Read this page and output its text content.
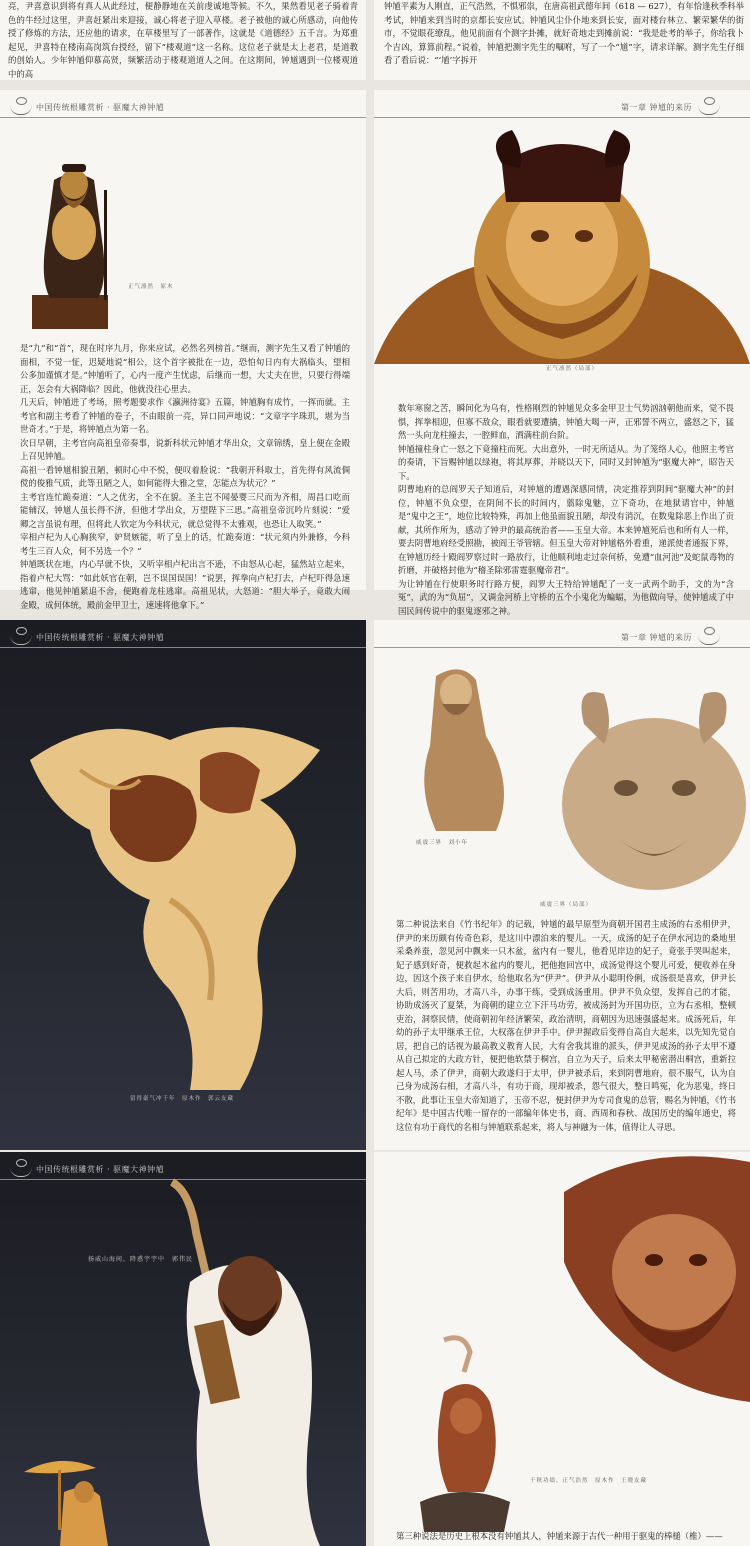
亮，尹喜意识到将有真人从此经过，便静静地在关前虔诚地等候。不久，果然看见老子骑着青色的牛经过这里，尹喜赶紧出来迎接，诚心将老子迎入草楼。老子被他的诚心所感动，向他传授了修炼的方法，还应他的请求，在草楼里写了一部著作，这就是《道德经》五千言。为郑重起见，尹喜特在楼南高岗筑台授经，留下“楼观道”这一名称。这位老子就是太上老君，是道教的创始人。少年钟馗仰慕高贤，频繁活动于楼观道道人之间。在这期间，钟馗遇到一位楼观道中的高
钟馗平素为人刚直，正气浩然，不惧邪祟，在唐高祖武德年间（618 — 627），有年恰逢秋季科举考试，钟馗来到当时的京都长安应试。钟馗风尘仆仆地来到长安，面对楼台林立、繁荣繁华的街市，不觉眼花缭乱，他见前面有个测字卦摊，就好奇地走到摊前说：“我是赴考的举子，你给我卜个吉凶，算算前程。”说着，钟馗把测字先生的嘱咐，写了一个“馗”字，请求详解。测字先生仔细看了看后说：“‘馗’字拆开
中国传统根雕赏析 · 驱魔大神钟馗
正气凛然　原木
是“九”和“首”，现在时序九月，你来应试，必然名列榜首。”继而，测字先生又看了钟馗的面相，不觉一怔，迟疑地说“相公，这个首字被批在一边，恐怕旬日内有大祸临头，望相公多加谨慎才是。”钟馗听了，心内一度产生忧虑，后继而一想，大丈夫在世，只要行得端正，怎会有大祸降临？因此，他就没往心里去。
几天后，钟馗进了考场，照考题要求作《瀛洲待宴》五篇，钟馗胸有成竹，一挥而就。主考官和副主考看了钟馗的卷子，不由眼前一亮，异口同声地说：“文章字字珠玑，堪为当世奇才。”于是，将钟馗点为第一名。
次日早朝，主考官向高祖皇帝奏事，说新科状元钟馗才华出众，文章锦绣，皇上便在金殿上召见钟馗。
高祖一看钟馗相貌丑陋，顿时心中不悦，便叹着脸说：“我朝开科取士，首先得有风流倜傥的俊雅气质，此等丑陋之人，如何能得大雅之堂，怎能点为状元？”
主考官连忙跪奏道：“人之优劣，全不在貌。圣主岂不闻晏婴三尺而为齐相，周昌口吃而能辅汉，钟馗人虽长得不济，但他才学出众，万望陛下三思。”高祖皇帝沉吟片刻说：“爱卿之言虽说有理，但将此人钦定为今科状元，就总觉得不太雅观，也恐让人取笑。”
宰相卢杞为人心胸狭窄，妒贤嫉能，听了皇上的话，忙跪奏道：“状元须内外兼修，今科考生三百人众，何不另选一个？”
钟馗既状在地，内心早就不快，又听宰相卢杞出言不逊，不由怒从心起，猛然站立起来，指着卢杞大骂：“如此妖官在朝，岂不误国误国！”说罢，挥拳向卢杞打去，卢杞吓得急速逃窜，他见钟馗紧追不舍，便跑着龙柱逃窜。高祖见状，大怒道：“胆大举子，竟敢大闹金殿，成何体统，殿前金甲卫士，速速将他拿下。”
第一章 钟馗的来历
正气凛然（局部）
数年寒窗之苦，瞬间化为乌有，性格刚烈的钟馗见众多金甲卫士气势汹汹朝他而来，觉不畏惧，挥拳相迎，但寡不敌众，眼看就要遭擒，钟馗大喝一声，正邪誓不两立，盛怒之下，猛然一头向龙柱撞去，一腔鲜血，洒满柱前台阶。
钟馗撞柱身亡一怒之下竟撞柱而死。大出意外，一时无所适从。为了笼络人心，他照主考官的奏请，下旨赐钟馗以绿袍，将其厚葬，并晓以天下，同时又封钟馗为“驱魔大神”，昭告天下。
阴曹地府的总阎罗天子知道后，对钟馗的遭遇深感同情，决定推荐到阴间“驱魔大神”的封位，钟馗不负众望，在阴间不长的时间内，翦除鬼魅，立下奇功，在地狱请官中，钟馗是“鬼中之王”，地位比较特殊，再加上他虽面貌丑陋，却没有消沉，在数鬼除恶上作出了贡献，其所作所为，感动了钟尹的最高统治者——玉皇大帝。本来钟馗死后也和所有人一样，要去阴曹地府经受照勘，被阎王爷管辖。但玉皇大帝对钟馗格外看重，递派使者通报下界，在钟馗历经十殿阎罗察过时一路放行，让他顺利地走过奈何桥，免遭“血河池”及蛇鼠毒物的折磨，并破格封他为“稽圣除邪雷霆驱魔帝君”。
为让钟馗在行使职务时行路方便，阎罗大王特给钟馗配了一支一武两个助手，文的为“含冤”，武的为“负屈”，又调金河桥上守桥的五个小鬼化为蝙蝠，为他做向导，使钟馗成了中国民间传说中的驱鬼逐邪之神。
中国传统根雕赏析 · 驱魔大神钟馗
留得豪气冲千年　原木作　郭云友藏
第一章 钟馗的来历
威震三界　刘小年
威震三界（局部）
第二种说法来自《竹书纪年》的记载，钟馗的最早原型为商朝开国君主成汤的右丞相伊尹，伊尹的来历颇有传奇色彩，是这川中漂泊来的婴儿。一天，成汤的妃子在伊水河边的桑地里采桑养蚕，忽见河中飘来一只木盆，盆内有一婴儿，他看见岸边的妃子，竟张手哭叫起来，妃子感到好奇，便救起木盆内的婴儿，把他抱回宫中，成汤觉得这个婴儿可爱，便收养在身边，因这个孩子来自伊水，给他取名为“伊尹”。伊尹从小聪明伶俐，成汤很是喜欢，伊尹长大后，则苦用功，才高八斗，办事干练，受到成汤重用。伊尹不负众望，发挥自己的才能，协助成汤灭了夏桀，为商朝的建立立下汗马功劳，被成汤封为开国功臣，立为右丞相，整顿吏治，洞察民情，使商朝初年经济繁荣，政治清明，商朝因为迅速强盛起来。成汤死后，年幼的孙子太甲继承王位，大权落在伊尹手中。伊尹握政后变得自高自大起来，以先知先觉自居，把自己的话视为最高教义教育人民，大有舍我其谁的派头，伊尹见成汤的孙子太甲不遵从自己拟定的大政方针，便把他软禁于桐宫，自立为天子，后来太甲秘密潜出桐宫，重新拉起人马，杀了伊尹，商朝大政遂归于太甲，伊尹被杀后，来到阴曹地府，很不服气，认为自己身为成汤右相，才高八斗，有功于商，现却被杀，怨气很大，整日鸣冤，化为恶鬼，终日不散，此事让玉皇大帝知道了，玉帝不忍，便封伊尹为专司食鬼的总管，赐名为钟馗，《竹书纪年》是中国古代唯一留存的一部编年体史书，商、西周和春秋、战国历史的编年通史，将这位有功于商代的名相与钟馗联系起来，将人与神融为一体，值得让人寻思。
中国传统根雕赏析 · 驱魔大神钟馗
扬威山海间，降惑宇宇中　郭伟民
千秋功绩，正气浩然　原木作　王晓友藏
第三种说法是历史上根本没有钟馗其人，钟馗来源于古代一种用于驱鬼的棒槌（椎）——
